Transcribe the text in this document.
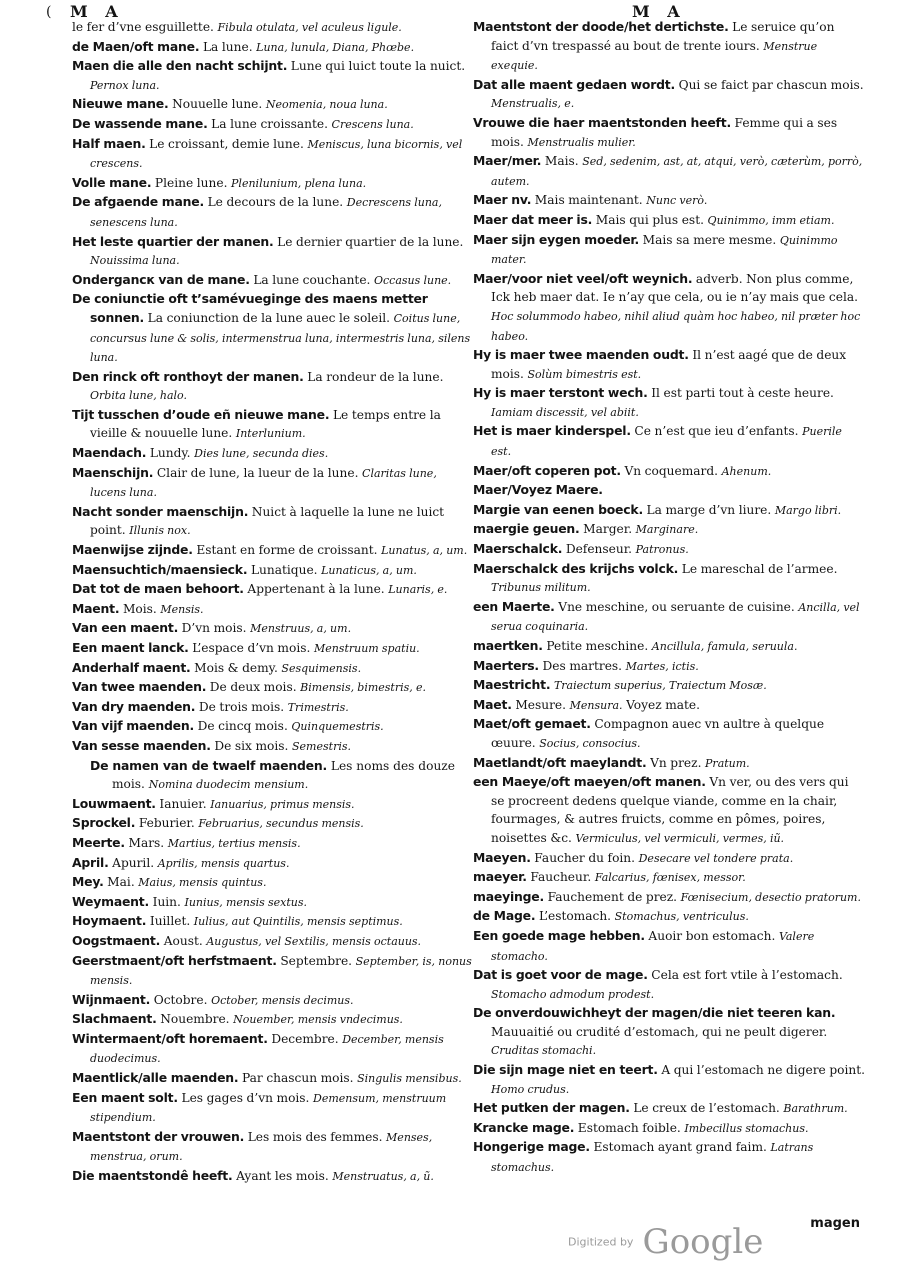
( M A	M A
le fer d’vne esguillette. Fibula otulata, vel aculeus ligule.
de Maen/oft mane. La lune. Luna, lunula, Diana, Phœbe.
Maen die alle den nacht schijnt. Lune qui luict toute la nuict. Pernox luna.
Nieuwe mane. Nouuelle lune. Neomenia, noua luna.
De wassende mane. La lune croissante. Crescens luna.
Half maen. Le croissant, demie lune. Meniscus, luna bicornis, vel crescens.
Volle mane. Pleine lune. Plenilunium, plena luna.
De afgaende mane. Le decours de la lune. Decrescens luna, senescens luna.
Het leste quartier der manen. Le dernier quartier de la lune. Nouissima luna.
Ondergancк van de mane. La lune couchante. Occasus lune.
De coniunctie oft t’samévueginge des maens metter sonnen. La coniunction de la lune auec le soleil. Coitus lune, concursus lune & solis, intermenstrua luna, intermestris luna, silens luna.
Den rinck oft ronthoyt der manen. La rondeur de la lune. Orbita lune, halo.
Tijt tusschen d’oude eñ nieuwe mane. Le temps entre la vieille & nouuelle lune. Interlunium.
Maendach. Lundy. Dies lune, secunda dies.
Maenschijn. Clair de lune, la lueur de la lune. Claritas lune, lucens luna.
Nacht sonder maenschijn. Nuict à laquelle la lune ne luict point. Illunis nox.
Maenwijse zijnde. Estant en forme de croissant. Lunatus, a, um.
Maensuchtich/maensieck. Lunatique. Lunaticus, a, um.
Dat tot de maen behoort. Appertenant à la lune. Lunaris, e.
Maent. Mois. Mensis.
Van een maent. D’vn mois. Menstruus, a, um.
Een maent lanck. L’espace d’vn mois. Menstruum spatiu.
Anderhalf maent. Mois & demy. Sesquimensis.
Van twee maenden. De deux mois. Bimensis, bimestris, e.
Van dry maenden. De trois mois. Trimestris.
Van vijf maenden. De cincq mois. Quinquemestris.
Van sesse maenden. De six mois. Semestris.
De namen van de twaelf maenden. Les noms des douze mois. Nomina duodecim mensium.
Louwmaent. Ianuier. Ianuarius, primus mensis.
Sprockel. Feburier. Februarius, secundus mensis.
Meerte. Mars. Martius, tertius mensis.
April. Apuril. Aprilis, mensis quartus.
Mey. Mai. Maius, mensis quintus.
Weymaent. Iuin. Iunius, mensis sextus.
Hoymaent. Iuillet. Iulius, aut Quintilis, mensis septimus.
Oogstmaent. Aoust. Augustus, vel Sextilis, mensis octauus.
Geerstmaent/oft herfstmaent. Septembre. September, is, nonus mensis.
Wijnmaent. Octobre. October, mensis decimus.
Slachmaent. Nouembre. Nouember, mensis vndecimus.
Wintermaent/oft horemaent. Decembre. December, mensis duodecimus.
Maentlick/alle maenden. Par chascun mois. Singulis mensibus.
Een maent solt. Les gages d’vn mois. Demensum, menstruum stipendium.
Maentstont der vrouwen. Les mois des femmes. Menses, menstrua, orum.
Die maentstondê heeft. Ayant les mois. Menstruatus, a, ũ.
Maentstont der doode/het dertichste. Le seruice qu’on faict d’vn trespassé au bout de trente iours. Menstrue exequie.
Dat alle maent gedaen wordt. Qui se faict par chascun mois. Menstrualis, e.
Vrouwe die haer maentstonden heeft. Femme qui a ses mois. Menstrualis mulier.
Maer/mer. Mais. Sed, sedenim, ast, at, atqui, verò, cæterùm, porrò, autem.
Maer nv. Mais maintenant. Nunc verò.
Maer dat meer is. Mais qui plus est. Quinimmo, imm etiam.
Maer sijn eygen moeder. Mais sa mere mesme. Quinimmo mater.
Maer/voor niet veel/oft weynich. adverb. Non plus comme, Ick heb maer dat. Ie n’ay que cela, ou ie n’ay mais que cela. Hoc solummodo habeo, nihil aliud quàm hoc habeo, nil præter hoc habeo.
Hy is maer twee maenden oudt. Il n’est aagé que de deux mois. Solùm bimestris est.
Hy is maer terstont wech. Il est parti tout à ceste heure. Iamiam discessit, vel abiit.
Het is maer kinderspel. Ce n’est que ieu d’enfants. Puerile est.
Maer/oft coperen pot. Vn coquemard. Ahenum.
Maer/Voyez Maere.
Margie van eenen boeck. La marge d’vn liure. Margo libri.
maergie geuen. Marger. Marginare.
Maerschalck. Defenseur. Patronus.
Maerschalck des krijchs volck. Le mareschal de l’armee. Tribunus militum.
een Maerte. Vne meschine, ou seruante de cuisine. Ancilla, vel serua coquinaria.
maertken. Petite meschine. Ancillula, famula, seruula.
Maerters. Des martres. Martes, ictis.
Maestricht. Traiectum superius, Traiectum Mosæ.
Maet. Mesure. Mensura. Voyez mate.
Maet/oft gemaet. Compagnon auec vn aultre à quelque œuure. Socius, consocius.
Maetlandt/oft maeylandt. Vn prez. Pratum.
een Maeye/oft maeyen/oft manen. Vn ver, ou des vers qui se procreent dedens quelque viande, comme en la chair, fourmages, & autres fruicts, comme en pômes, poires, noisettes &c. Vermiculus, vel vermiculi, vermes, iũ.
Maeyen. Faucher du foin. Desecare vel tondere prata.
maeyer. Faucheur. Falcarius, fœnisex, messor.
maeyinge. Fauchement de prez. Fœnisecium, desectio pratorum.
de Mage. L’estomach. Stomachus, ventriculus.
Een goede mage hebben. Auoir bon estomach. Valere stomacho.
Dat is goet voor de mage. Cela est fort vtile à l’estomach. Stomacho admodum prodest.
De onverdouwichheyt der magen/die niet teeren kan. Mauuaitié ou crudité d’estomach, qui ne peult digerer. Cruditas stomachi.
Die sijn mage niet en teert. A qui l’estomach ne digere point. Homo crudus.
Het putken der magen. Le creux de l’estomach. Barathrum.
Krancke mage. Estomach foible. Imbecillus stomachus.
Hongerige mage. Estomach ayant grand faim. Latrans stomachus.
magen
Digitized by Google
